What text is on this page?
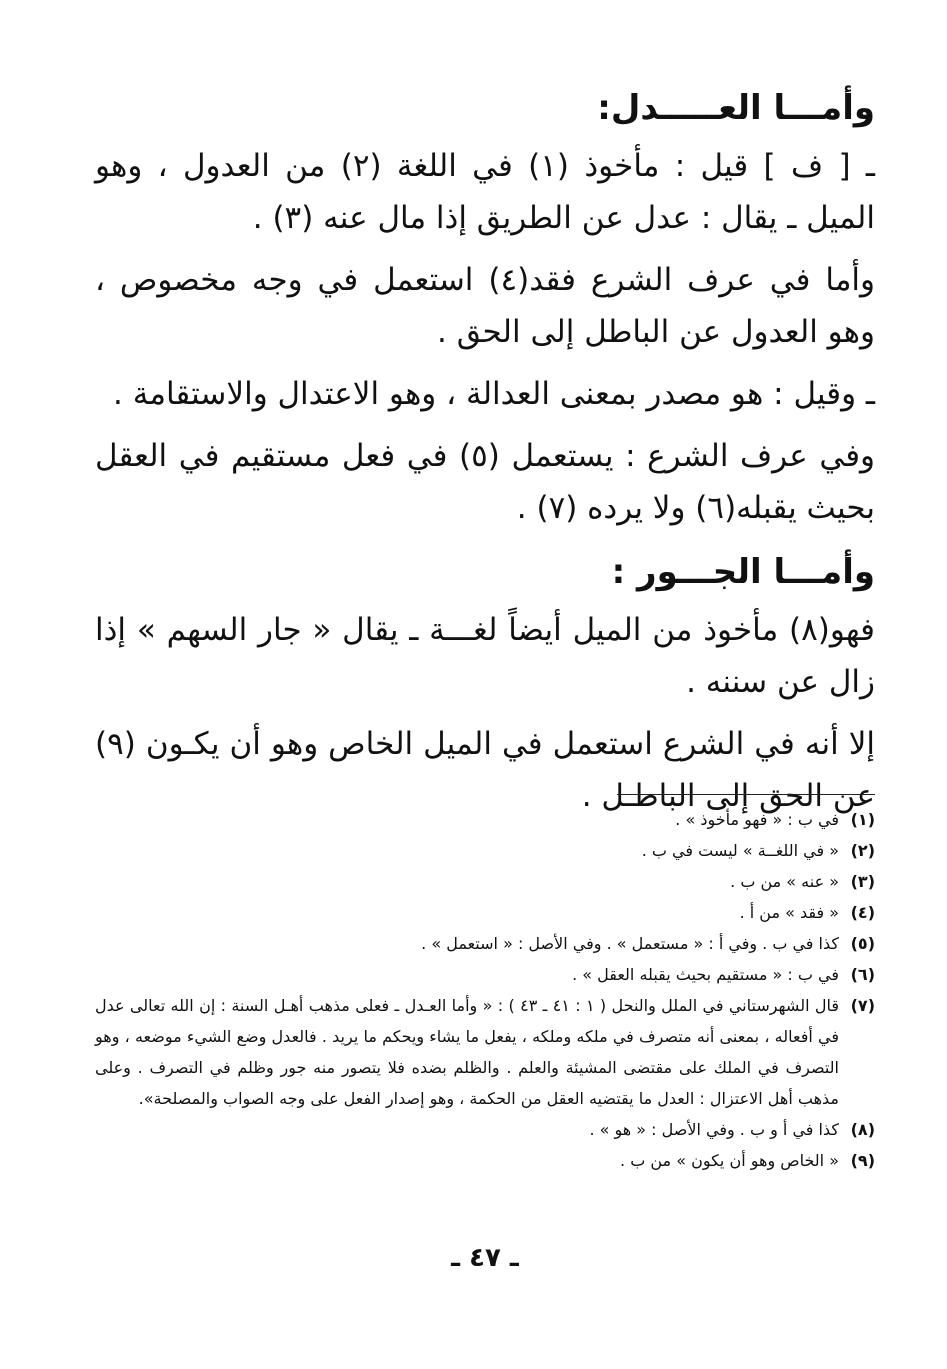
وأمـــا العـــــدل:

ـ [ ف ] قيل : مأخوذ (١) في اللغة (٢) من العدول ، وهو الميل ـ يقال : عدل عن الطريق إذا مال عنه (٣) .

وأما في عرف الشرع فقد(٤) استعمل في وجه مخصوص ، وهو العدول عن الباطل إلى الحق .

ـ وقيل : هو مصدر بمعنى العدالة ، وهو الاعتدال والاستقامة .

وفي عرف الشرع : يستعمل (٥) في فعل مستقيم في العقل بحيث يقبله(٦) ولا يرده (٧) .

وأمـــا الجـــور :

فهو(٨) مأخوذ من الميل أيضاً لغـــة ـ يقال « جار السهم » إذا زال عن سننه .

إلا أنه في الشرع استعمل في الميل الخاص وهو أن يكـون (٩) عن الحق إلى الباطـل .

(١)
في ب : « فهو مأخوذ » .
(٢)
« في اللغــة » ليست في ب .
(٣)
« عنه » من ب .
(٤)
« فقد » من أ .
(٥)
كذا في ب . وفي أ : « مستعمل » . وفي الأصل : « استعمل » .
(٦)
في ب : « مستقيم بحيث يقبله العقل » .
(٧)
قال الشهرستاني في الملل والنحل ( ١ : ٤١ ـ ٤٣ ) : « وأما العـدل ـ فعلى مذهب أهـل السنة : إن الله تعالى عدل في أفعاله ، بمعنى أنه متصرف في ملكه وملكه ، يفعل ما يشاء ويحكم ما يريد . فالعدل وضع الشيء موضعه ، وهو التصرف في الملك على مقتضى المشيئة والعلم . والظلم بضده فلا يتصور منه جور وظلم في التصرف . وعلى مذهب أهل الاعتزال : العدل ما يقتضيه العقل من الحكمة ، وهو إصدار الفعل على وجه الصواب والمصلحة».
(٨)
كذا في أ و ب . وفي الأصل : « هو » .
(٩)
« الخاص وهو أن يكون » من ب .
ـ ٤٧ ـ
